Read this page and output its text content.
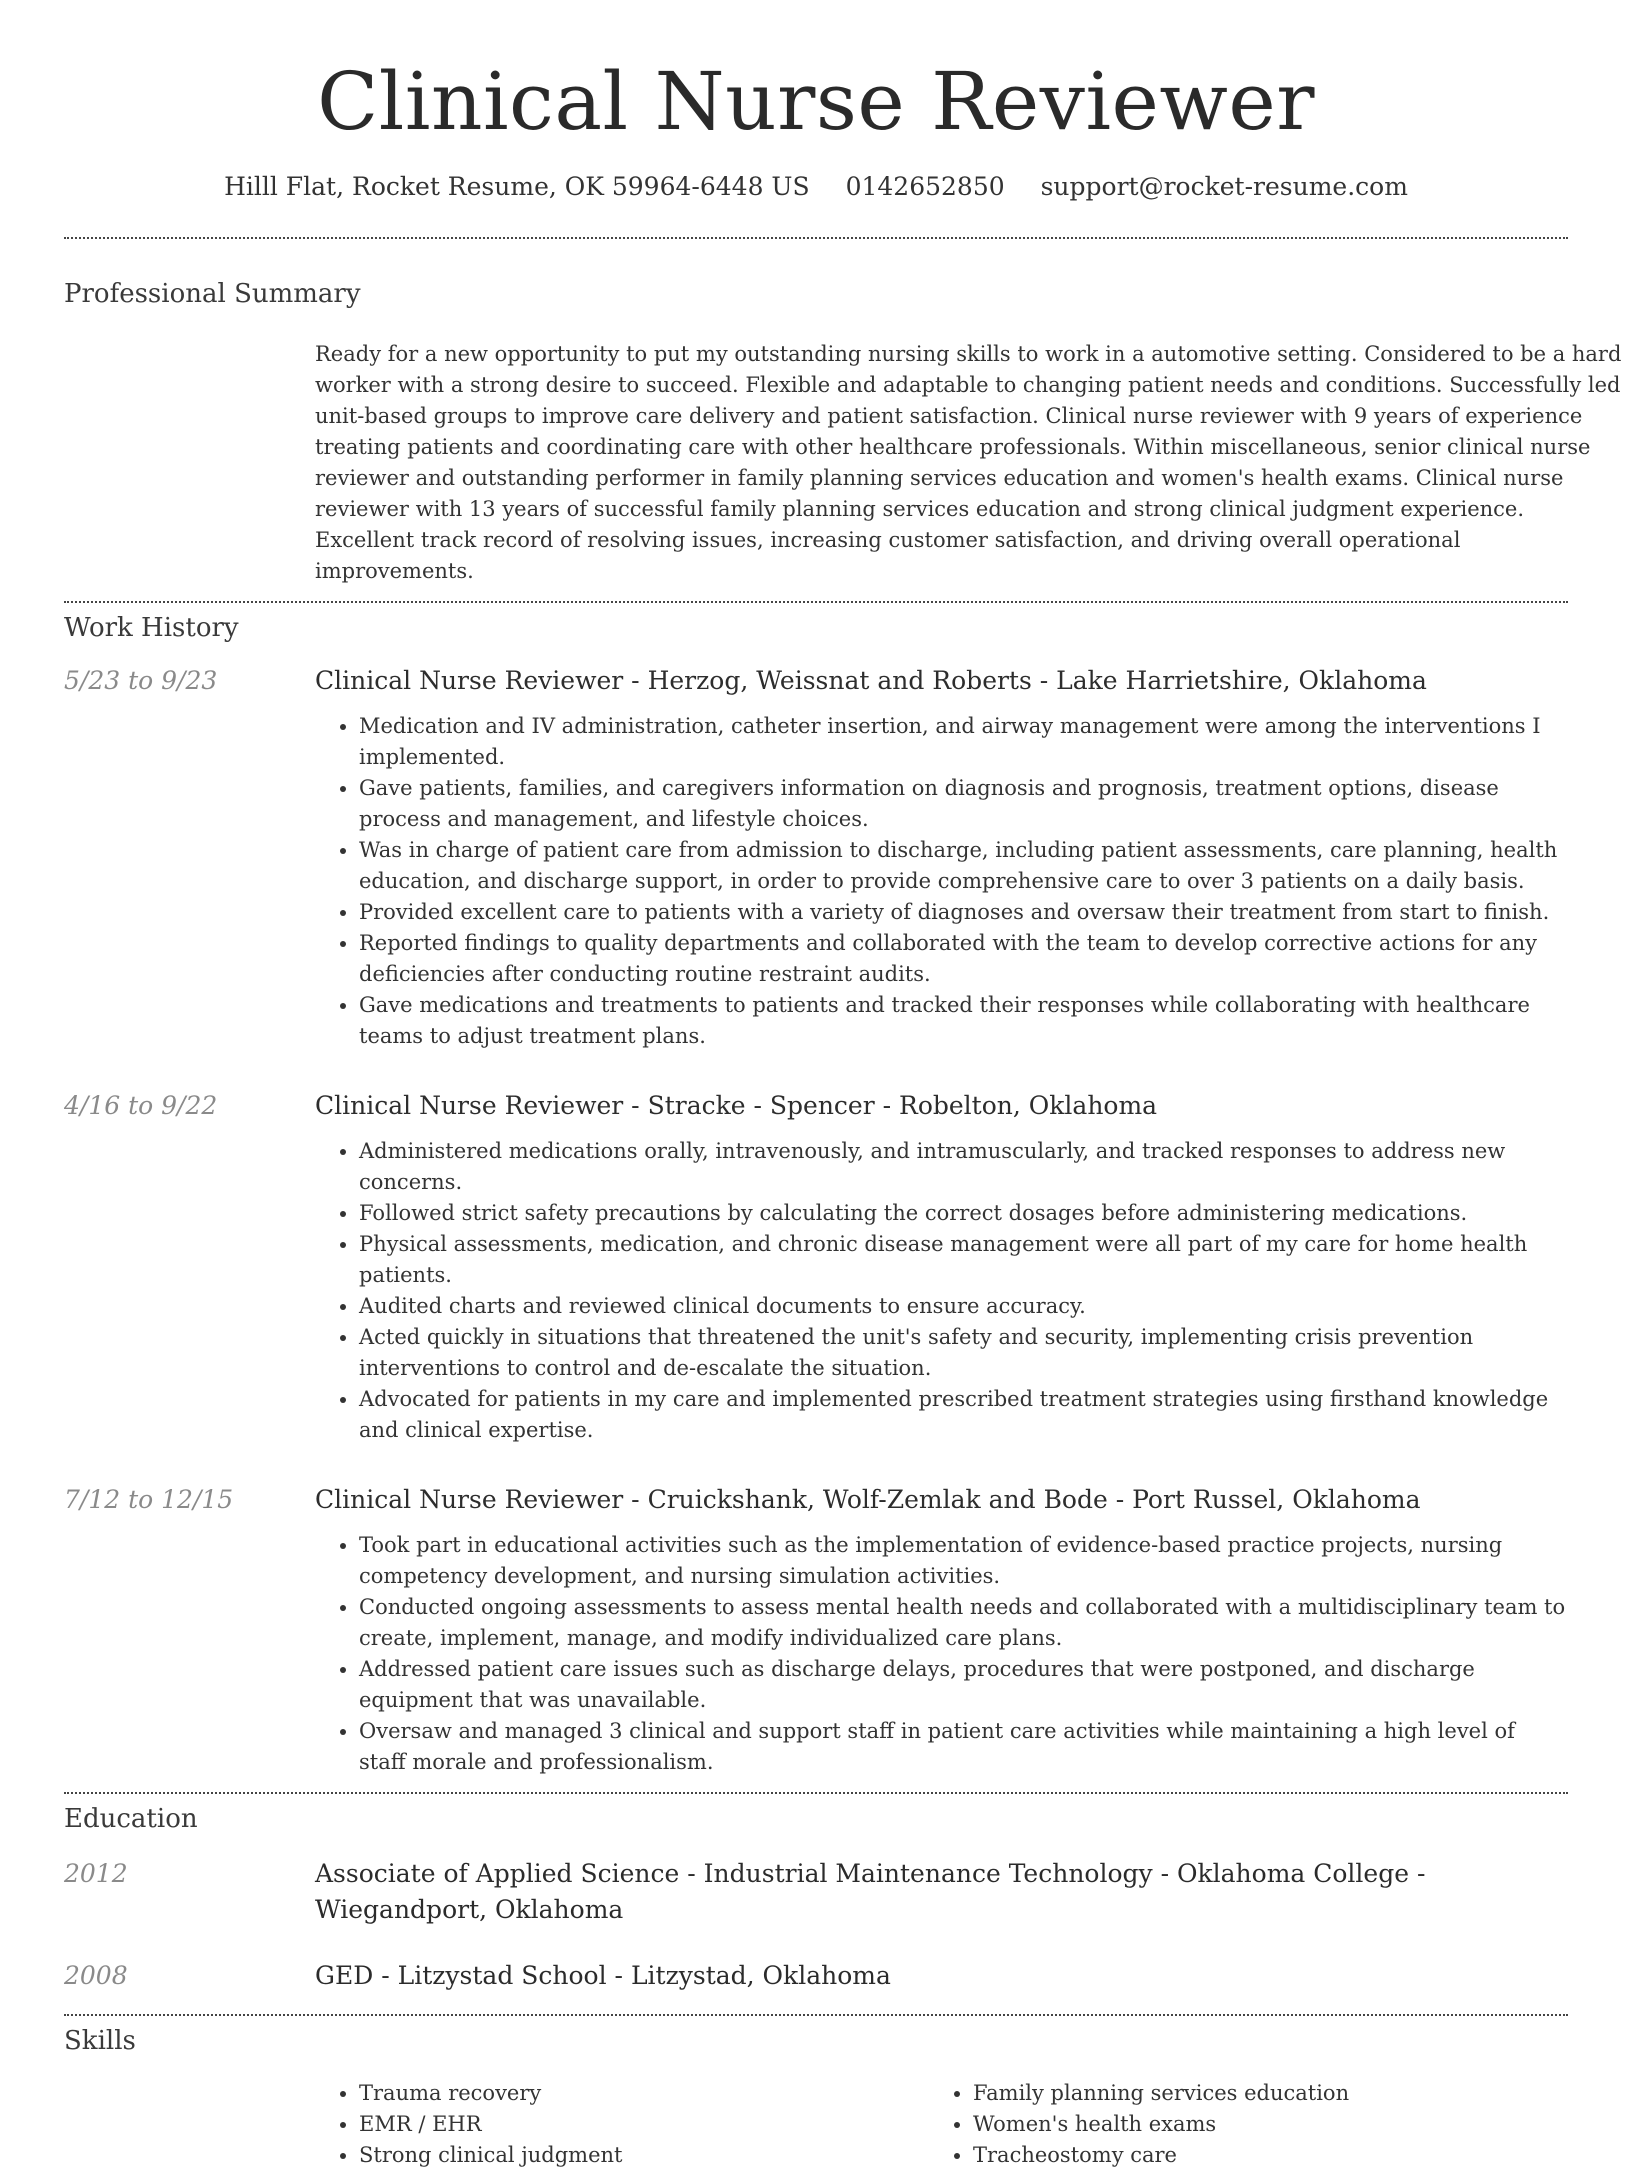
Clinical Nurse Reviewer
Hilll Flat, Rocket Resume, OK 59964-6448 US 0142652850 support@rocket-resume.com
Professional Summary
Ready for a new opportunity to put my outstanding nursing skills to work in a automotive setting. Considered to be a hard worker with a strong desire to succeed. Flexible and adaptable to changing patient needs and conditions. Successfully led unit-based groups to improve care delivery and patient satisfaction. Clinical nurse reviewer with 9 years of experience treating patients and coordinating care with other healthcare professionals. Within miscellaneous, senior clinical nurse reviewer and outstanding performer in family planning services education and women's health exams. Clinical nurse reviewer with 13 years of successful family planning services education and strong clinical judgment experience. Excellent track record of resolving issues, increasing customer satisfaction, and driving overall operational improvements.
Work History
5/23 to 9/23	Clinical Nurse Reviewer - Herzog, Weissnat and Roberts - Lake Harrietshire, Oklahoma
• Medication and IV administration, catheter insertion, and airway management were among the interventions I implemented.
• Gave patients, families, and caregivers information on diagnosis and prognosis, treatment options, disease process and management, and lifestyle choices.
• Was in charge of patient care from admission to discharge, including patient assessments, care planning, health education, and discharge support, in order to provide comprehensive care to over 3 patients on a daily basis.
• Provided excellent care to patients with a variety of diagnoses and oversaw their treatment from start to finish.
• Reported findings to quality departments and collaborated with the team to develop corrective actions for any deficiencies after conducting routine restraint audits.
• Gave medications and treatments to patients and tracked their responses while collaborating with healthcare teams to adjust treatment plans.
4/16 to 9/22	Clinical Nurse Reviewer - Stracke - Spencer - Robelton, Oklahoma
• Administered medications orally, intravenously, and intramuscularly, and tracked responses to address new concerns.
• Followed strict safety precautions by calculating the correct dosages before administering medications.
• Physical assessments, medication, and chronic disease management were all part of my care for home health patients.
• Audited charts and reviewed clinical documents to ensure accuracy.
• Acted quickly in situations that threatened the unit's safety and security, implementing crisis prevention interventions to control and de-escalate the situation.
• Advocated for patients in my care and implemented prescribed treatment strategies using firsthand knowledge and clinical expertise.
7/12 to 12/15	Clinical Nurse Reviewer - Cruickshank, Wolf-Zemlak and Bode - Port Russel, Oklahoma
• Took part in educational activities such as the implementation of evidence-based practice projects, nursing competency development, and nursing simulation activities.
• Conducted ongoing assessments to assess mental health needs and collaborated with a multidisciplinary team to create, implement, manage, and modify individualized care plans.
• Addressed patient care issues such as discharge delays, procedures that were postponed, and discharge equipment that was unavailable.
• Oversaw and managed 3 clinical and support staff in patient care activities while maintaining a high level of staff morale and professionalism.
Education
2012	Associate of Applied Science - Industrial Maintenance Technology - Oklahoma College - Wiegandport, Oklahoma
2008	GED - Litzystad School - Litzystad, Oklahoma
Skills
• Trauma recovery
• EMR / EHR
• Strong clinical judgment
• Family planning services education
• Women's health exams
• Tracheostomy care
